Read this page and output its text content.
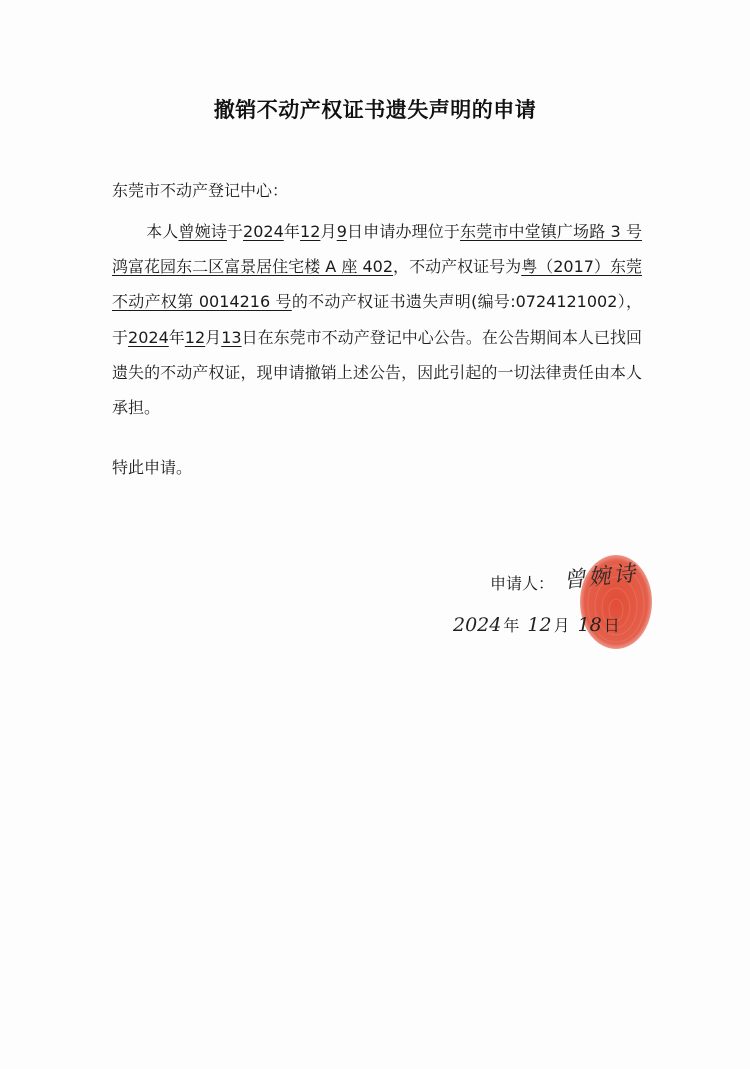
撤销不动产权证书遗失声明的申请
东莞市不动产登记中心：
本人曾婉诗于2024年12月9日申请办理位于东莞市中堂镇广场路 3 号鸿富花园东二区富景居住宅楼 A 座 402，不动产权证号为粤（2017）东莞不动产权第 0014216 号的不动产权证书遗失声明(编号:0724121002），于2024年12月13日在东莞市不动产登记中心公告。在公告期间本人已找回遗失的不动产权证，现申请撤销上述公告，因此引起的一切法律责任由本人承担。
特此申请。
申请人： 曾婉诗
2024 年 12 月 18 日
